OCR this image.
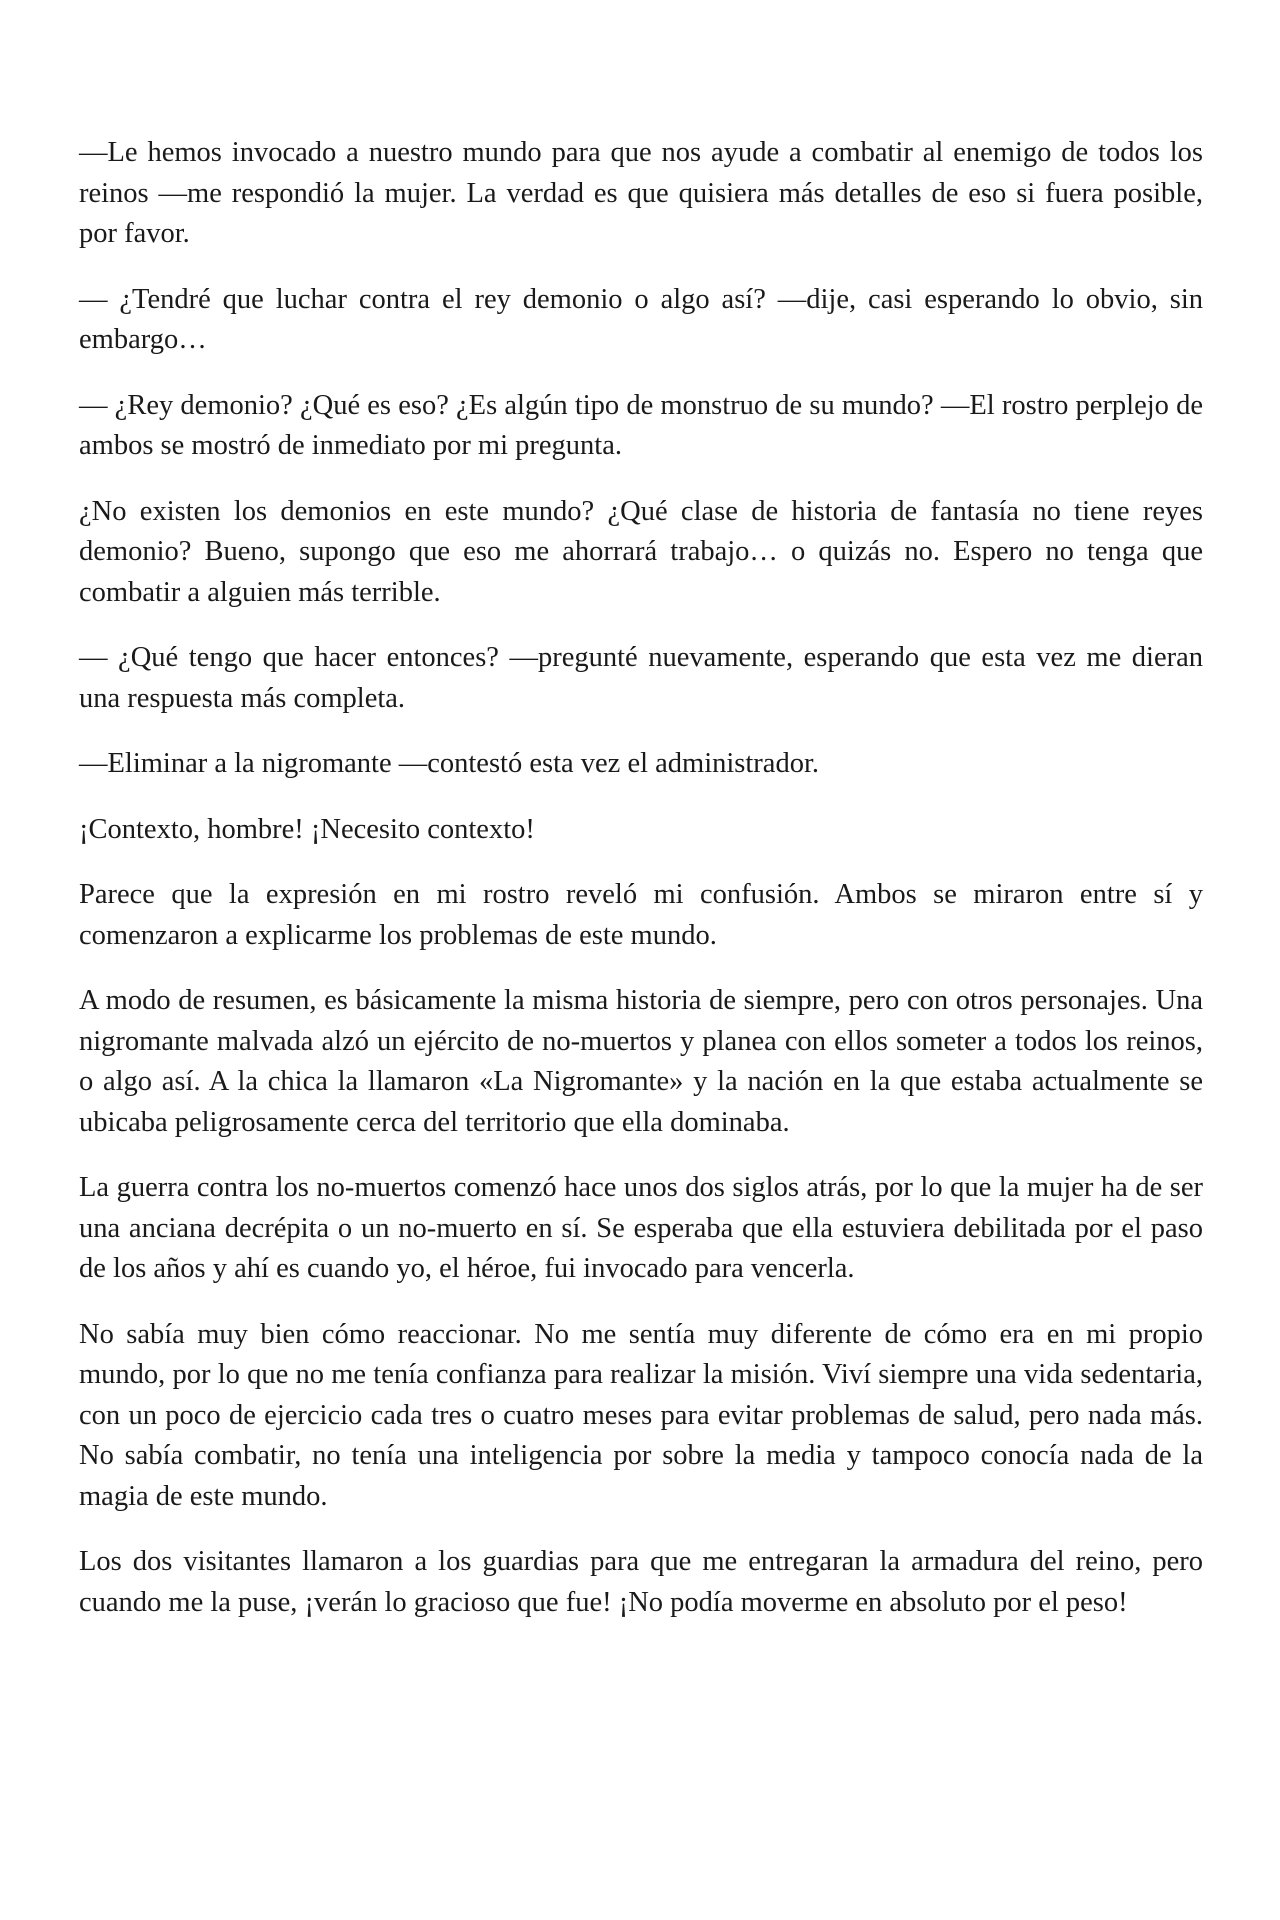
—Le hemos invocado a nuestro mundo para que nos ayude a combatir al enemigo de todos los reinos —me respondió la mujer. La verdad es que quisiera más detalles de eso si fuera posible, por favor.

— ¿Tendré que luchar contra el rey demonio o algo así? —dije, casi esperando lo obvio, sin embargo…

— ¿Rey demonio? ¿Qué es eso? ¿Es algún tipo de monstruo de su mundo? —El rostro perplejo de ambos se mostró de inmediato por mi pregunta.

¿No existen los demonios en este mundo? ¿Qué clase de historia de fantasía no tiene reyes demonio? Bueno, supongo que eso me ahorrará trabajo… o quizás no. Espero no tenga que combatir a alguien más terrible.

— ¿Qué tengo que hacer entonces? —pregunté nuevamente, esperando que esta vez me dieran una respuesta más completa.

—Eliminar a la nigromante —contestó esta vez el administrador.

¡Contexto, hombre! ¡Necesito contexto!

Parece que la expresión en mi rostro reveló mi confusión. Ambos se miraron entre sí y comenzaron a explicarme los problemas de este mundo.

A modo de resumen, es básicamente la misma historia de siempre, pero con otros personajes. Una nigromante malvada alzó un ejército de no-muertos y planea con ellos someter a todos los reinos, o algo así. A la chica la llamaron «La Nigromante» y la nación en la que estaba actualmente se ubicaba peligrosamente cerca del territorio que ella dominaba.

La guerra contra los no-muertos comenzó hace unos dos siglos atrás, por lo que la mujer ha de ser una anciana decrépita o un no-muerto en sí. Se esperaba que ella estuviera debilitada por el paso de los años y ahí es cuando yo, el héroe, fui invocado para vencerla.

No sabía muy bien cómo reaccionar. No me sentía muy diferente de cómo era en mi propio mundo, por lo que no me tenía confianza para realizar la misión. Viví siempre una vida sedentaria, con un poco de ejercicio cada tres o cuatro meses para evitar problemas de salud, pero nada más. No sabía combatir, no tenía una inteligencia por sobre la media y tampoco conocía nada de la magia de este mundo.

Los dos visitantes llamaron a los guardias para que me entregaran la armadura del reino, pero cuando me la puse, ¡verán lo gracioso que fue! ¡No podía moverme en absoluto por el peso!
